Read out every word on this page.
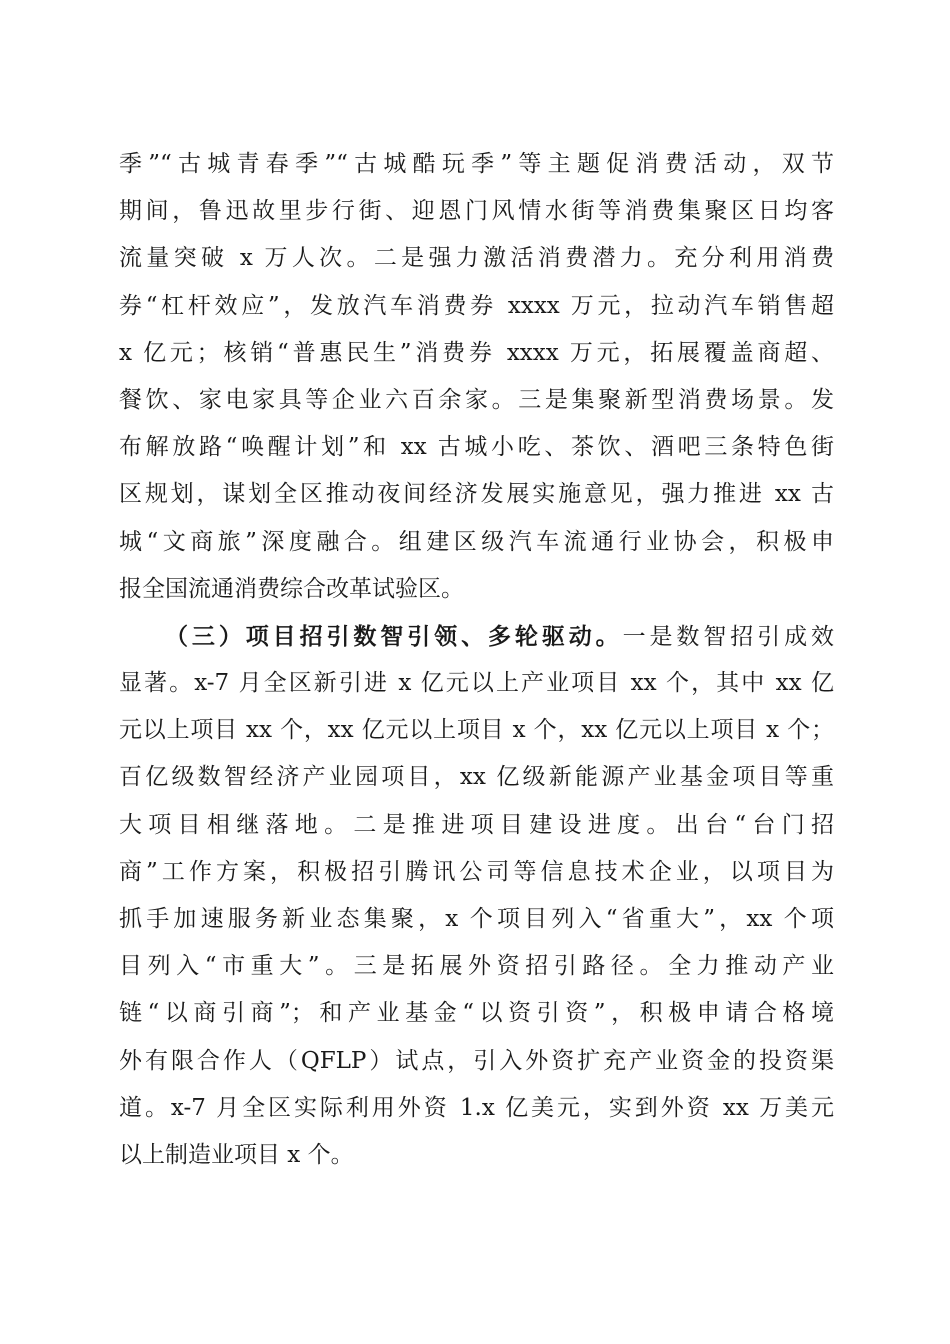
季”“古城青春季”“古城酷玩季”等主题促消费活动，双节
期间，鲁迅故里步行街、迎恩门风情水街等消费集聚区日均客
流量突破 x 万人次。二是强力激活消费潜力。充分利用消费
券“杠杆效应”，发放汽车消费券 xxxx 万元，拉动汽车销售超
x 亿元；核销“普惠民生”消费券 xxxx 万元，拓展覆盖商超、
餐饮、家电家具等企业六百余家。三是集聚新型消费场景。发
布解放路“唤醒计划”和 xx 古城小吃、茶饮、酒吧三条特色街
区规划，谋划全区推动夜间经济发展实施意见，强力推进 xx 古
城“文商旅”深度融合。组建区级汽车流通行业协会，积极申
报全国流通消费综合改革试验区。
（三）项目招引数智引领、多轮驱动。一是数智招引成效
显著。x-7 月全区新引进 x 亿元以上产业项目 xx 个，其中 xx 亿
元以上项目 xx 个，xx 亿元以上项目 x 个，xx 亿元以上项目 x 个；
百亿级数智经济产业园项目，xx 亿级新能源产业基金项目等重
大项目相继落地。二是推进项目建设进度。出台“台门招
商”工作方案，积极招引腾讯公司等信息技术企业，以项目为
抓手加速服务新业态集聚，x 个项目列入“省重大”，xx 个项
目列入“市重大”。三是拓展外资招引路径。全力推动产业
链“以商引商”；和产业基金“以资引资”，积极申请合格境
外有限合作人（QFLP）试点，引入外资扩充产业资金的投资渠
道。x-7 月全区实际利用外资 1.x 亿美元，实到外资 xx 万美元
以上制造业项目 x 个。
